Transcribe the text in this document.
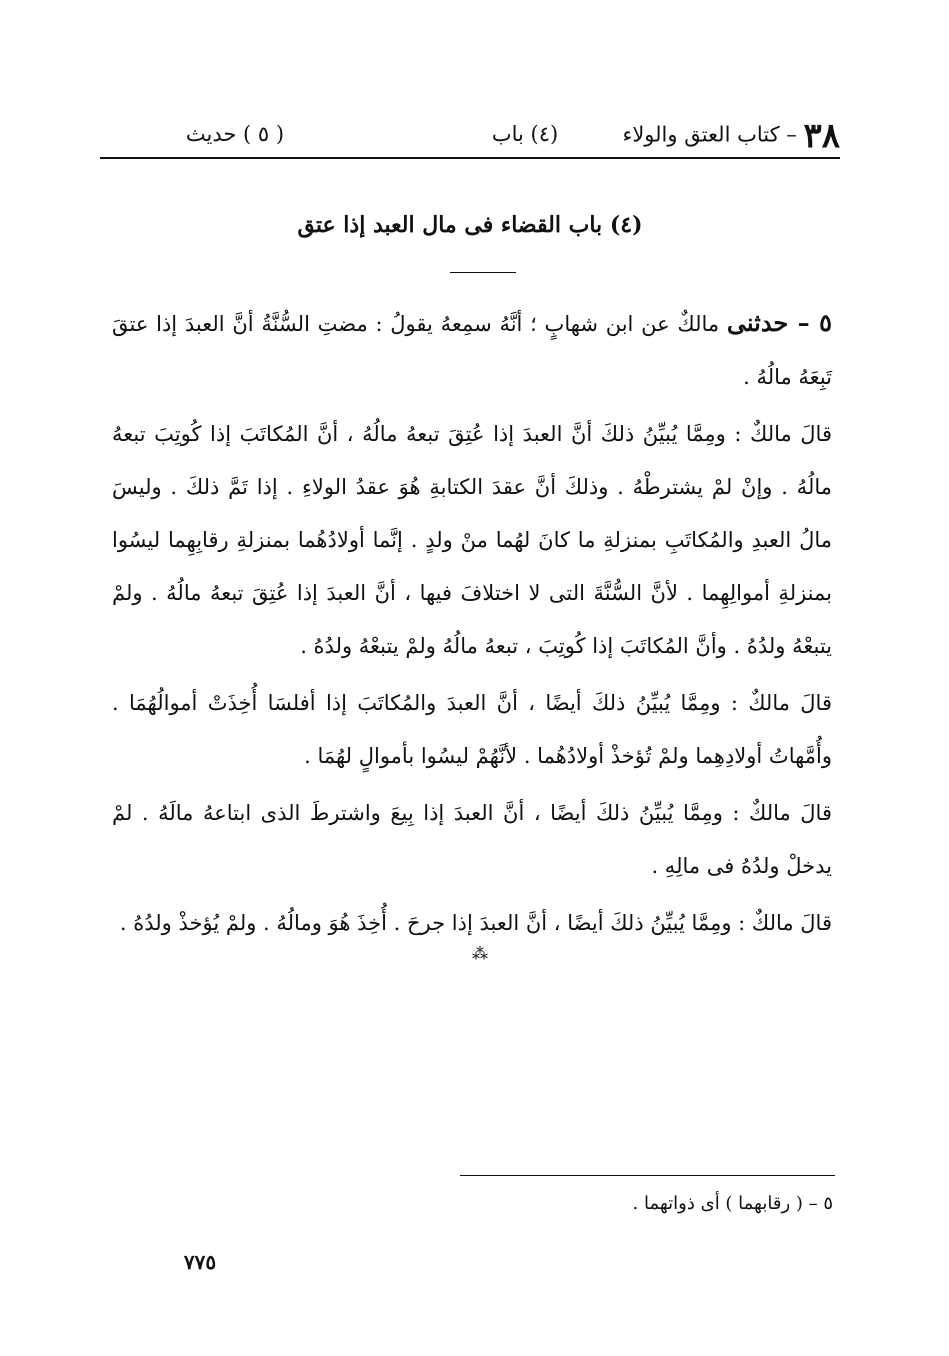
٣٨ – كتاب العتق والولاء
(٤) باب
( ٥ ) حديث
(٤) باب القضاء فى مال العبد إذا عتق

٥ – حدثنى مالكٌ عن ابن شهابٍ ؛ أنَّهُ سمِعهُ يقولُ : مضتِ السُّنَّةُ أنَّ العبدَ إذا عتقَ تَبِعَهُ مالُهُ .

قالَ مالكٌ : ومِمَّا يُبيِّنُ ذلكَ أنَّ العبدَ إذا عُتِقَ تبعهُ مالُهُ ، أنَّ المُكاتَبَ إذا كُوتِبَ تبعهُ مالُهُ . وإنْ لمْ يشترطْهُ . وذلكَ أنَّ عقدَ الكتابةِ هُوَ عقدُ الولاءِ . إذا تَمَّ ذلكَ . وليسَ مالُ العبدِ والمُكاتَبِ بمنزلةِ ما كانَ لهُما منْ ولدٍ . إنَّما أولادُهُما بمنزلةِ رقابِهِما ليسُوا بمنزلةِ أموالِهِما . لأنَّ السُّنَّةَ التى لا اختلافَ فيها ، أنَّ العبدَ إذا عُتِقَ تبعهُ مالُهُ . ولمْ يتبعْهُ ولدُهُ . وأنَّ المُكاتَبَ إذا كُوتِبَ ، تبعهُ مالُهُ ولمْ يتبعْهُ ولدُهُ .

قالَ مالكٌ : ومِمَّا يُبيِّنُ ذلكَ أيضًا ، أنَّ العبدَ والمُكاتَبَ إذا أفلسَا أُخِذَتْ أموالُهُمَا . وأُمَّهاتُ أولادِهِما ولمْ تُؤخذْ أولادُهُما . لأنَّهُمْ ليسُوا بأموالٍ لهُمَا .

قالَ مالكٌ : ومِمَّا يُبيِّنُ ذلكَ أيضًا ، أنَّ العبدَ إذا بِيعَ واشترطَ الذى ابتاعهُ مالَهُ . لمْ يدخلْ ولدُهُ فى مالِهِ .

قالَ مالكٌ : ومِمَّا يُبيِّنُ ذلكَ أيضًا ، أنَّ العبدَ إذا جرحَ . أُخِذَ هُوَ ومالُهُ . ولمْ يُؤخذْ ولدُهُ .

⁂
٥ – ( رقابهما ) أى ذواتهما .
٧٧٥
